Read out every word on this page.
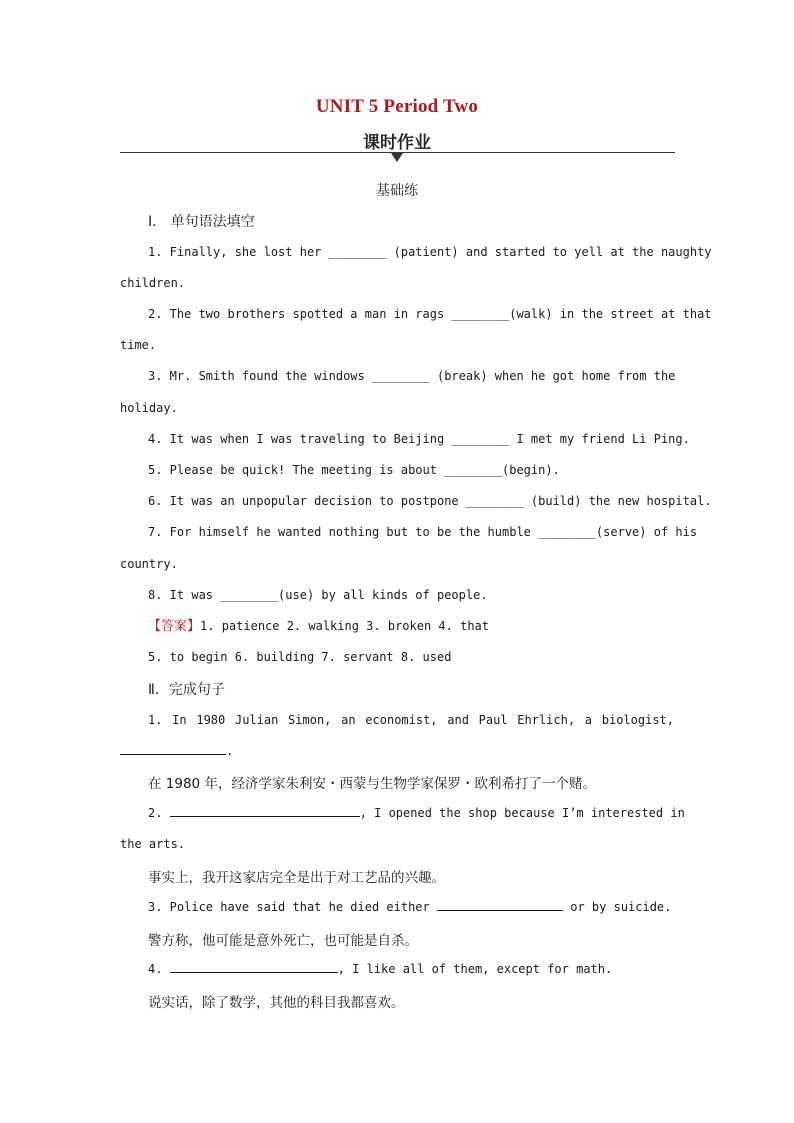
UNIT 5 Period Two
课时作业
基础练
Ⅰ． 单句语法填空
1. Finally, she lost her ________ (patient) and started to yell at the naughty
children.
2. The two brothers spotted a man in rags ________(walk) in the street at that
time.
3. Mr. Smith found the windows ________ (break) when he got home from the
holiday.
4. It was when I was traveling to Beijing ________ I met my friend Li Ping.
5. Please be quick! The meeting is about ________(begin).
6. It was an unpopular decision to postpone ________ (build) the new hospital.
7. For himself he wanted nothing but to be the humble ________(serve) of his
country.
8. It was ________(use) by all kinds of people.
【答案】1. patience 2. walking 3. broken 4. that
5. to begin 6. building 7. servant 8. used
Ⅱ．完成句子
1. In 1980 Julian Simon, an economist, and Paul Ehrlich, a biologist,
.
在 1980 年，经济学家朱利安・西蒙与生物学家保罗・欧利希打了一个赌。
2.	, I opened the shop because I’m interested in
the arts.
事实上，我开这家店完全是出于对工艺品的兴趣。
3. Police have said that he died either	or by suicide.
警方称，他可能是意外死亡，也可能是自杀。
4.	, I like all of them, except for math.
说实话，除了数学，其他的科目我都喜欢。
